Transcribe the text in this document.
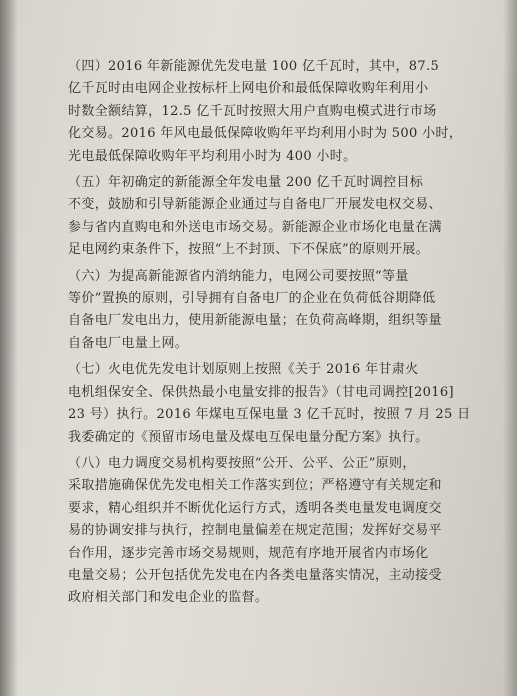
（四）2016 年新能源优先发电量 100 亿千瓦时，其中，87.5
亿千瓦时由电网企业按标杆上网电价和最低保障收购年利用小
时数全额结算，12.5 亿千瓦时按照大用户直购电模式进行市场
化交易。2016 年风电最低保障收购年平均利用小时为 500 小时，
光电最低保障收购年平均利用小时为 400 小时。
（五）年初确定的新能源全年发电量 200 亿千瓦时调控目标
不变，鼓励和引导新能源企业通过与自备电厂开展发电权交易、
参与省内直购电和外送电市场交易。新能源企业市场化电量在满
足电网约束条件下，按照“上不封顶、下不保底”的原则开展。
（六）为提高新能源省内消纳能力，电网公司要按照“等量
等价”置换的原则，引导拥有自备电厂的企业在负荷低谷期降低
自备电厂发电出力，使用新能源电量；在负荷高峰期，组织等量
自备电厂电量上网。
（七）火电优先发电计划原则上按照《关于 2016 年甘肃火
电机组保安全、保供热最小电量安排的报告》（甘电司调控[2016]
23 号）执行。2016 年煤电互保电量 3 亿千瓦时，按照 7 月 25 日
我委确定的《预留市场电量及煤电互保电量分配方案》执行。
（八）电力调度交易机构要按照“公开、公平、公正”原则，
采取措施确保优先发电相关工作落实到位；严格遵守有关规定和
要求，精心组织并不断优化运行方式，透明各类电量发电调度交
易的协调安排与执行，控制电量偏差在规定范围；发挥好交易平
台作用，逐步完善市场交易规则，规范有序地开展省内市场化
电量交易；公开包括优先发电在内各类电量落实情况，主动接受
政府相关部门和发电企业的监督。
